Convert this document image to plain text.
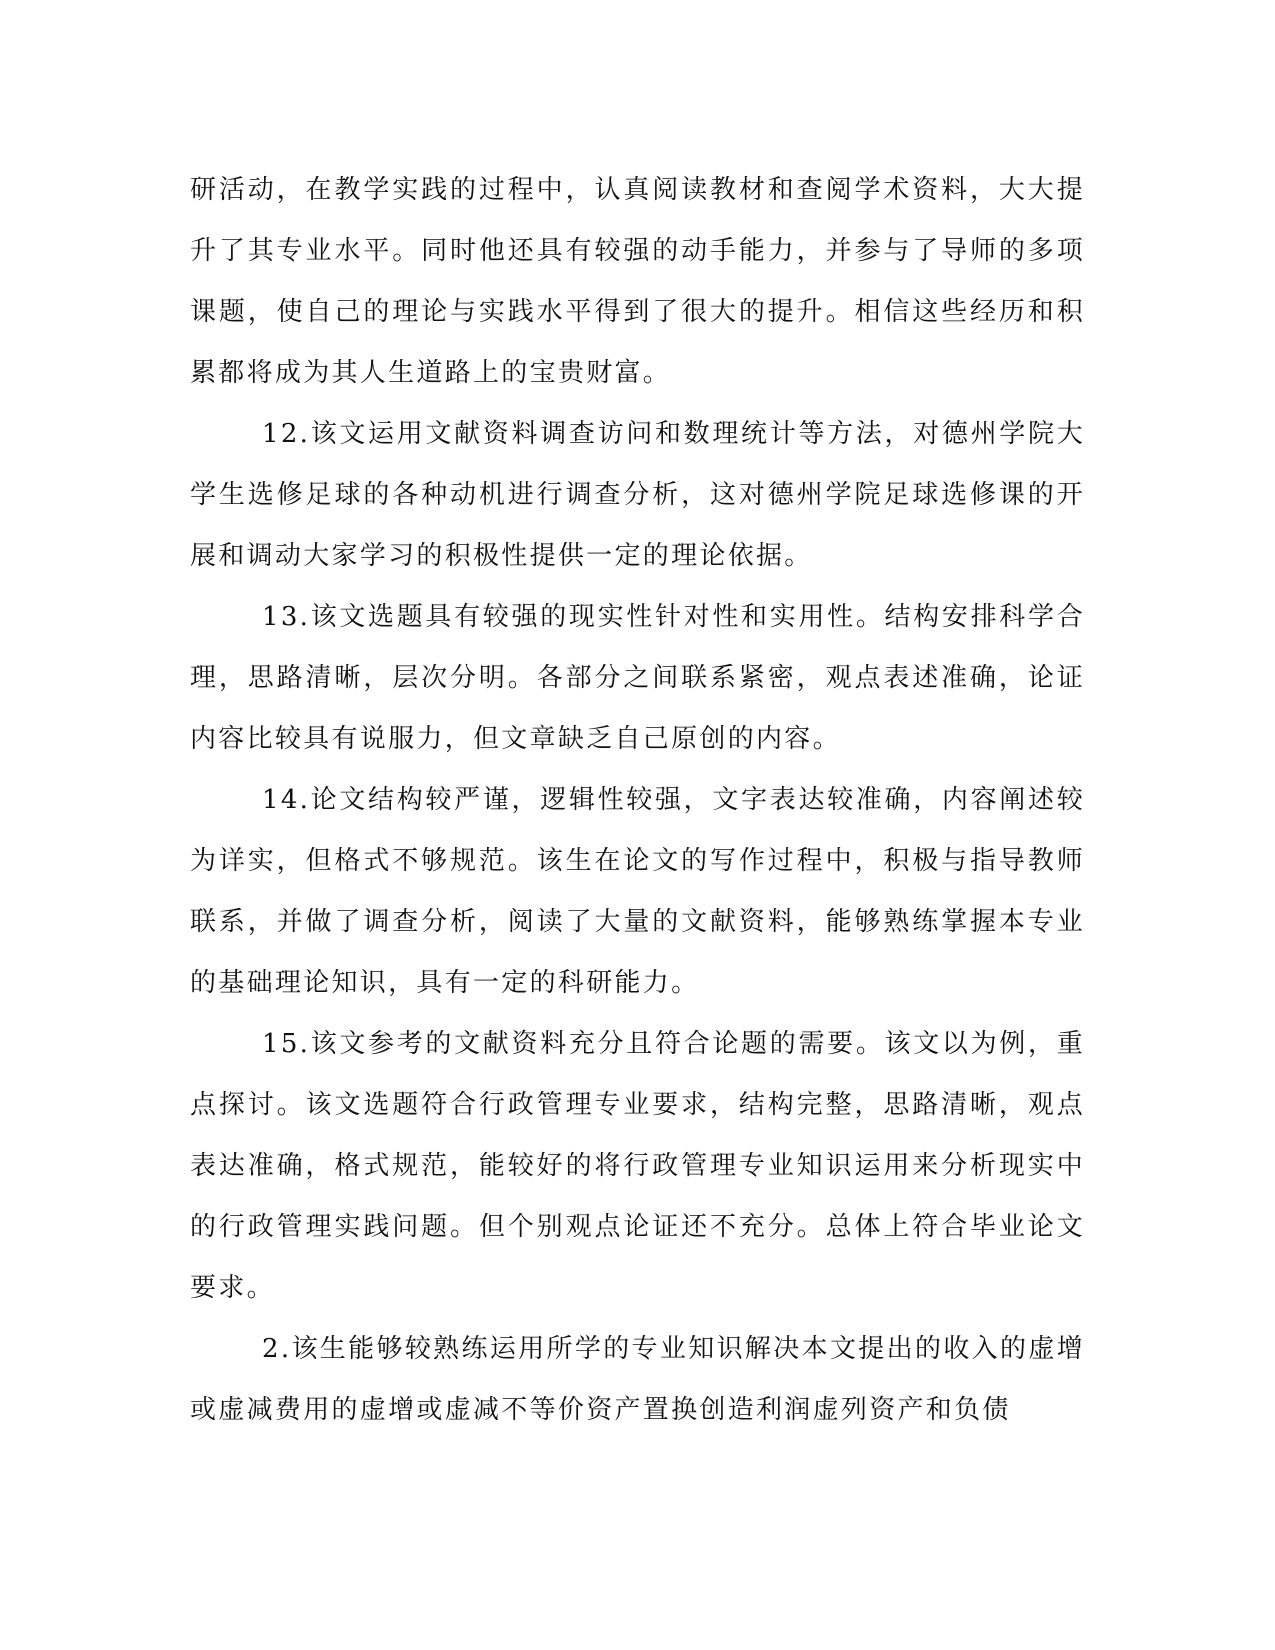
研活动，在教学实践的过程中，认真阅读教材和查阅学术资料，大大提升了其专业水平。同时他还具有较强的动手能力，并参与了导师的多项课题，使自己的理论与实践水平得到了很大的提升。相信这些经历和积累都将成为其人生道路上的宝贵财富。

12.该文运用文献资料调查访问和数理统计等方法，对德州学院大学生选修足球的各种动机进行调查分析，这对德州学院足球选修课的开展和调动大家学习的积极性提供一定的理论依据。

13.该文选题具有较强的现实性针对性和实用性。结构安排科学合理，思路清晰，层次分明。各部分之间联系紧密，观点表述准确，论证内容比较具有说服力，但文章缺乏自己原创的内容。

14.论文结构较严谨，逻辑性较强，文字表达较准确，内容阐述较为详实，但格式不够规范。该生在论文的写作过程中，积极与指导教师联系，并做了调查分析，阅读了大量的文献资料，能够熟练掌握本专业的基础理论知识，具有一定的科研能力。

15.该文参考的文献资料充分且符合论题的需要。该文以为例，重点探讨。该文选题符合行政管理专业要求，结构完整，思路清晰，观点表达准确，格式规范，能较好的将行政管理专业知识运用来分析现实中的行政管理实践问题。但个别观点论证还不充分。总体上符合毕业论文要求。

2.该生能够较熟练运用所学的专业知识解决本文提出的收入的虚增或虚减费用的虚增或虚减不等价资产置换创造利润虚列资产和负债
